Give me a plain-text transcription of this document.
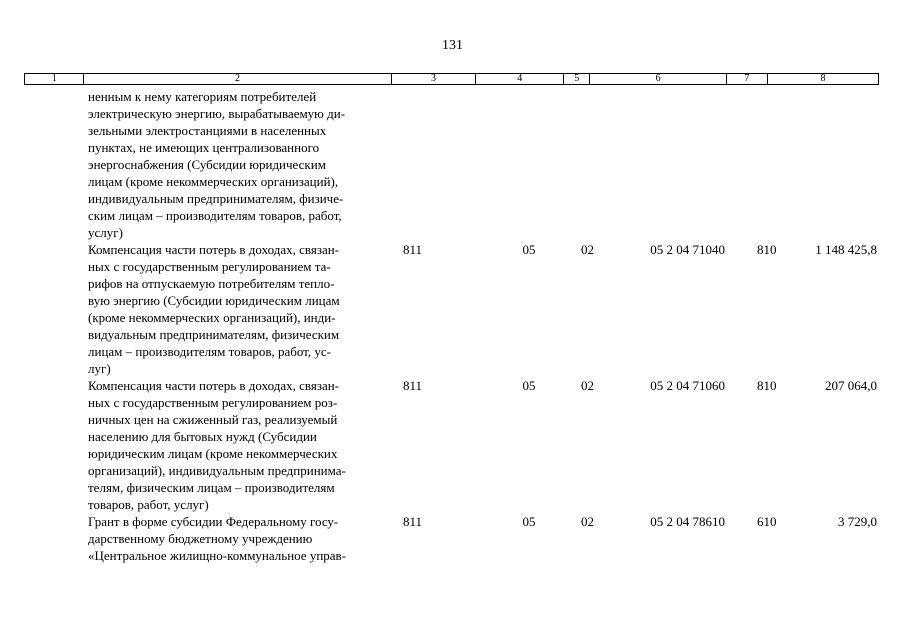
131
1	2	3	4	5	6	7	8
ненным к нему категориям потребителей
электрическую энергию, вырабатываемую ди-
зельными электростанциями в населенных
пунктах, не имеющих централизованного
энергоснабжения (Субсидии юридическим
лицам (кроме некоммерческих организаций),
индивидуальным предпринимателям, физиче-
ским лицам – производителям товаров, работ,
услуг)
Компенсация части потерь в доходах, связан-
ных с государственным регулированием та-
рифов на отпускаемую потребителям тепло-
вую энергию (Субсидии юридическим лицам
(кроме некоммерческих организаций), инди-
видуальным предпринимателям, физическим
лицам – производителям товаров, работ, ус-
луг)
811	05	02	05 2 04 71040	810	1 148 425,8
Компенсация части потерь в доходах, связан-
ных с государственным регулированием роз-
ничных цен на сжиженный газ, реализуемый
населению для бытовых нужд (Субсидии
юридическим лицам (кроме некоммерческих
организаций), индивидуальным предпринима-
телям, физическим лицам – производителям
товаров, работ, услуг)
811	05	02	05 2 04 71060	810	207 064,0
Грант в форме субсидии Федеральному госу-
дарственному бюджетному учреждению
«Центральное жилищно-коммунальное управ-
811	05	02	05 2 04 78610	610	3 729,0
